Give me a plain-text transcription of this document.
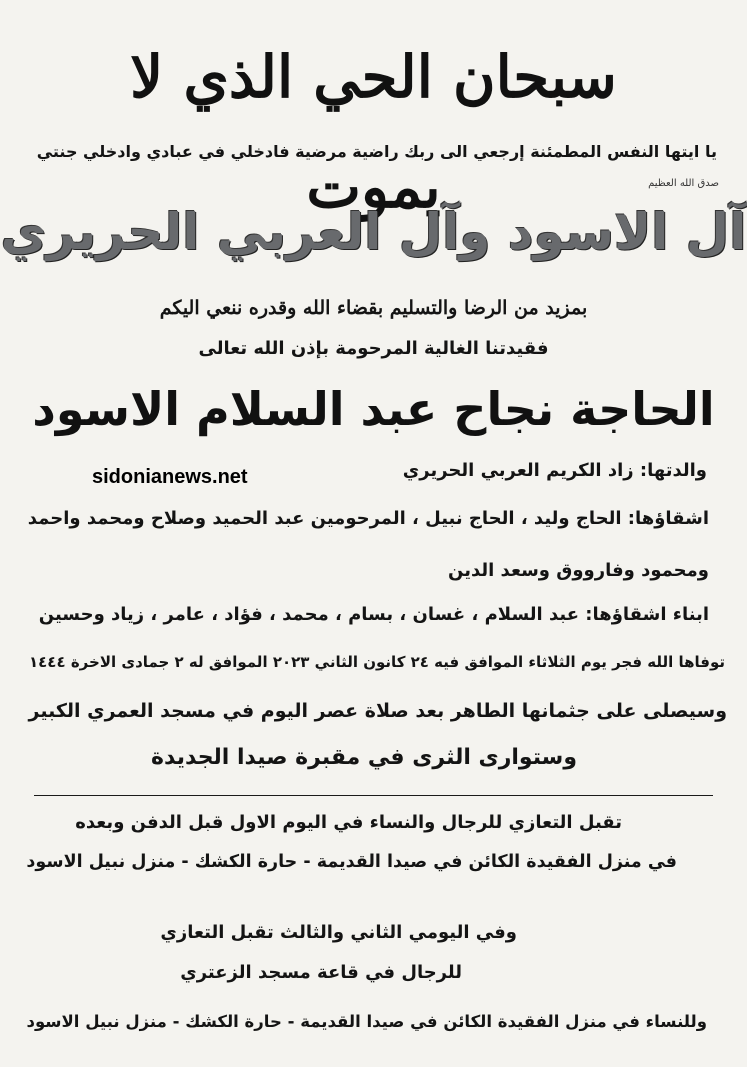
سبحان الحي الذي لا يموت
يا ايتها النفس المطمئنة إرجعي الى ربك راضية مرضية فادخلي في عبادي وادخلي جنتي
صدق الله العظيم
آل الاسود وآل العربي الحريري
بمزيد من الرضا والتسليم بقضاء الله وقدره ننعي اليكم
فقيدتنا الغالية المرحومة بإذن الله تعالى
الحاجة نجاح عبد السلام الاسود
sidonianews.net	والدتها: زاد الكريم العربي الحريري
اشقاؤها: الحاج وليد ، الحاج نبيل ، المرحومين عبد الحميد وصلاح ومحمد واحمد
ومحمود وفارووق وسعد الدين
ابناء اشقاؤها: عبد السلام ، غسان ، بسام ، محمد ، فؤاد ، عامر ، زياد وحسين
توفاها الله فجر يوم الثلاثاء الموافق فيه ٢٤ كانون الثاني ٢٠٢٣ الموافق له ٢ جمادى الاخرة ١٤٤٤
وسيصلى على جثمانها الطاهر بعد صلاة عصر اليوم في مسجد العمري الكبير
وستوارى الثرى في مقبرة صيدا الجديدة
تقبل التعازي للرجال والنساء في اليوم الاول قبل الدفن وبعده
في منزل الفقيدة الكائن في صيدا القديمة - حارة الكشك - منزل نبيل الاسود
وفي اليومي الثاني والثالث تقبل التعازي
للرجال في قاعة مسجد الزعتري
وللنساء في منزل الفقيدة الكائن في صيدا القديمة - حارة الكشك - منزل نبيل الاسود
